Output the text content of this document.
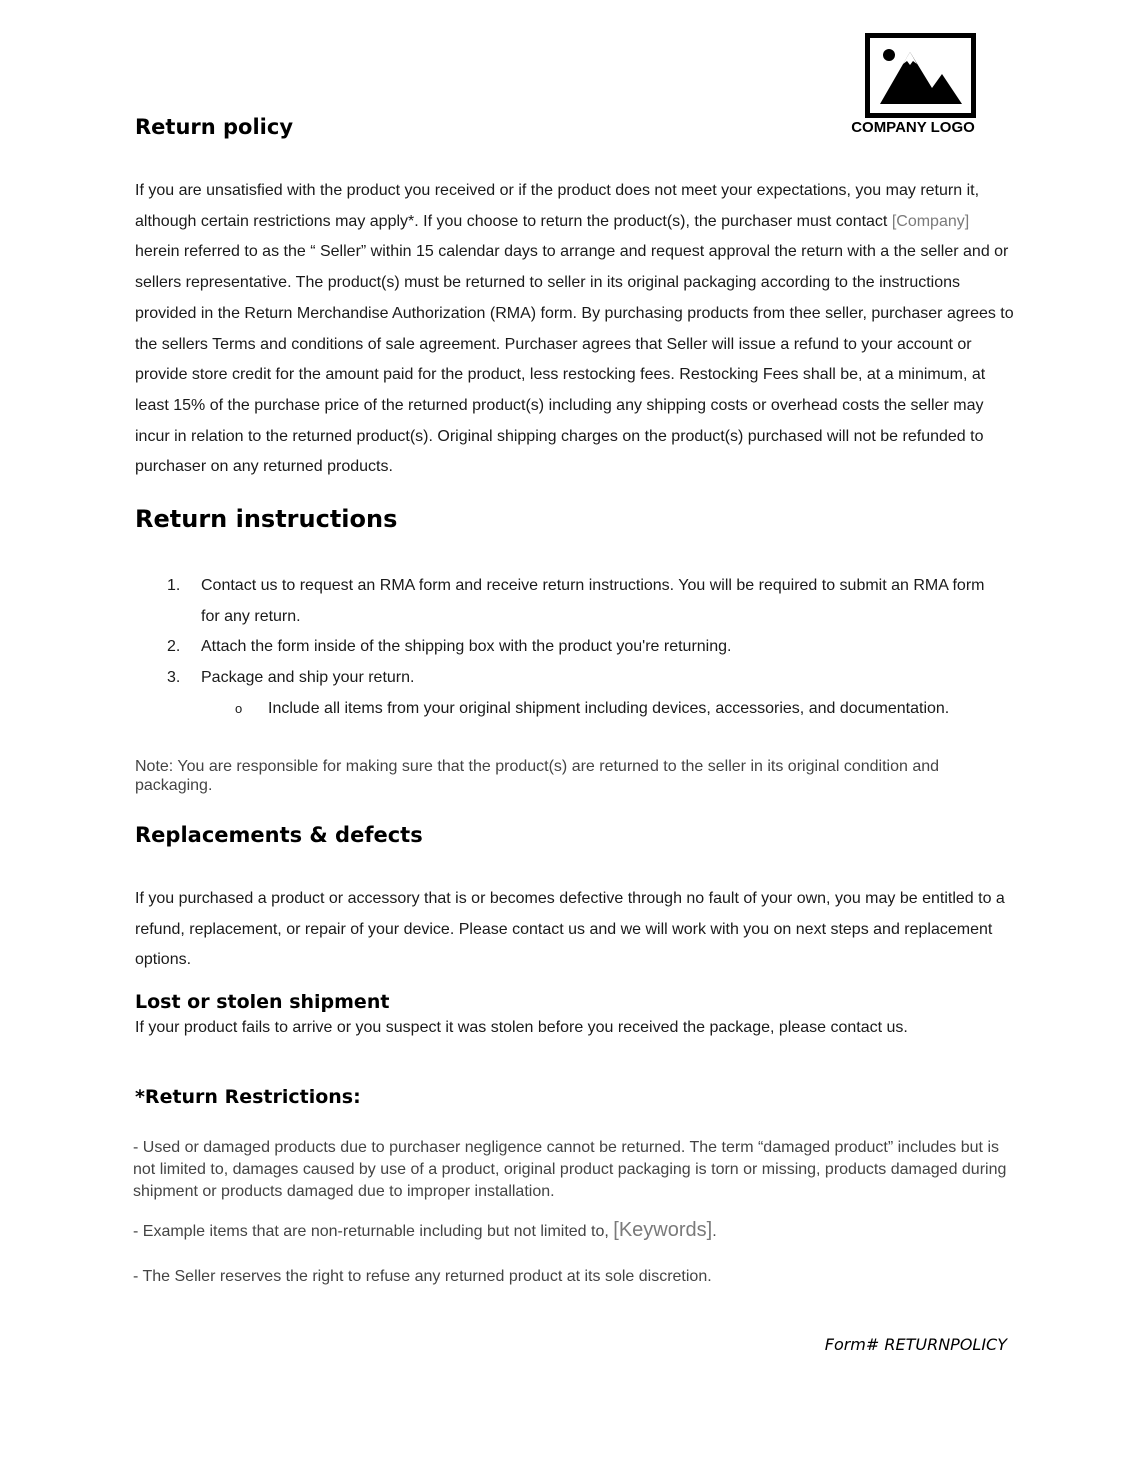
COMPANY LOGO
Return policy

If you are unsatisfied with the product you received or if the product does not meet your expectations, you may return it, although certain restrictions may apply*. If you choose to return the product(s), the purchaser must contact [Company] herein referred to as the “ Seller” within 15 calendar days to arrange and request approval the return with a the seller and or sellers representative. The product(s) must be returned to seller in its original packaging according to the instructions provided in the Return Merchandise Authorization (RMA) form. By purchasing products from thee seller, purchaser agrees to the sellers Terms and conditions of sale agreement. Purchaser agrees that Seller will issue a refund to your account or provide store credit for the amount paid for the product, less restocking fees. Restocking Fees shall be, at a minimum, at least 15% of the purchase price of the returned product(s) including any shipping costs or overhead costs the seller may incur in relation to the returned product(s). Original shipping charges on the product(s) purchased will not be refunded to purchaser on any returned products.

Return instructions
1. Contact us to request an RMA form and receive return instructions. You will be required to submit an RMA form for any return.
2. Attach the form inside of the shipping box with the product you're returning.
3. Package and ship your return.
o Include all items from your original shipment including devices, accessories, and documentation.

Note: You are responsible for making sure that the product(s) are returned to the seller in its original condition and packaging.

Replacements & defects

If you purchased a product or accessory that is or becomes defective through no fault of your own, you may be entitled to a refund, replacement, or repair of your device. Please contact us and we will work with you on next steps and replacement options.

Lost or stolen shipment

If your product fails to arrive or you suspect it was stolen before you received the package, please contact us.

*Return Restrictions:

- Used or damaged products due to purchaser negligence cannot be returned. The term “damaged product” includes but is not limited to, damages caused by use of a product, original product packaging is torn or missing, products damaged during shipment or products damaged due to improper installation.

- Example items that are non-returnable including but not limited to, [Keywords].

- The Seller reserves the right to refuse any returned product at its sole discretion.

Form# RETURNPOLICY
